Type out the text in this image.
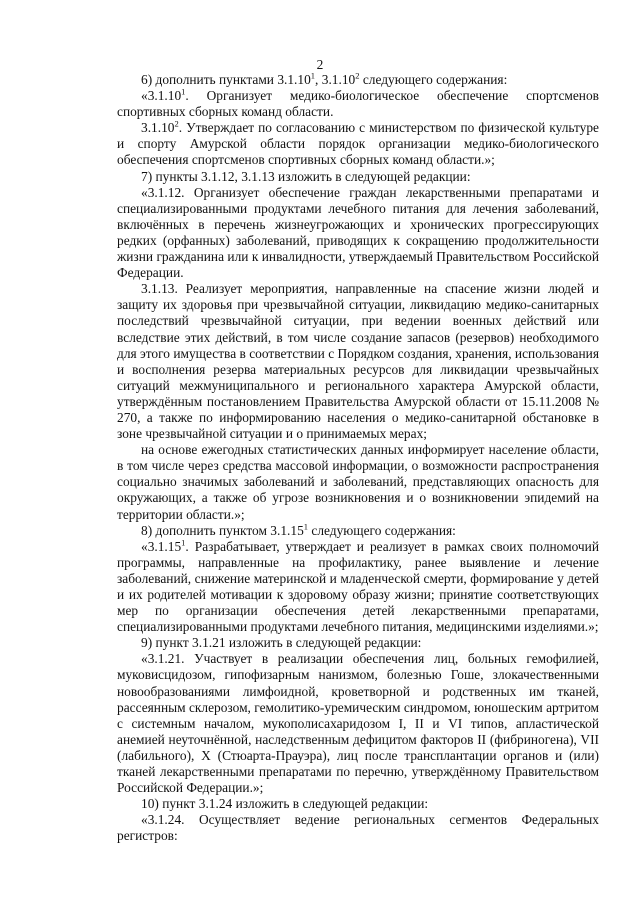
2

6) дополнить пунктами 3.1.10$^1$, 3.1.10$^2$ следующего содержания:

«3.1.10$^1$. Организует медико-биологическое обеспечение спортсменов спортивных сборных команд области.

3.1.10$^2$. Утверждает по согласованию с министерством по физической культуре и спорту Амурской области порядок организации медико-биологического обеспечения спортсменов спортивных сборных команд области.»;

7) пункты 3.1.12, 3.1.13 изложить в следующей редакции:

«3.1.12. Организует обеспечение граждан лекарственными препаратами и специализированными продуктами лечебного питания для лечения заболеваний, включённых в перечень жизнеугрожающих и хронических прогрессирующих редких (орфанных) заболеваний, приводящих к сокращению продолжительности жизни гражданина или к инвалидности, утверждаемый Правительством Российской Федерации.

3.1.13. Реализует мероприятия, направленные на спасение жизни людей и защиту их здоровья при чрезвычайной ситуации, ликвидацию медико-санитарных последствий чрезвычайной ситуации, при ведении военных действий или вследствие этих действий, в том числе создание запасов (резервов) необходимого для этого имущества в соответствии с Порядком создания, хранения, использования и восполнения резерва материальных ресурсов для ликвидации чрезвычайных ситуаций межмуниципального и регионального характера Амурской области, утверждённым постановлением Правительства Амурской области от 15.11.2008 № 270, а также по информированию населения о медико-санитарной обстановке в зоне чрезвычайной ситуации и о принимаемых мерах;

на основе ежегодных статистических данных информирует население области, в том числе через средства массовой информации, о возможности распространения социально значимых заболеваний и заболеваний, представляющих опасность для окружающих, а также об угрозе возникновения и о возникновении эпидемий на территории области.»;

8) дополнить пунктом 3.1.15$^1$ следующего содержания:

«3.1.15$^1$. Разрабатывает, утверждает и реализует в рамках своих полномочий программы, направленные на профилактику, ранее выявление и лечение заболеваний, снижение материнской и младенческой смерти, формирование у детей и их родителей мотивации к здоровому образу жизни; принятие соответствующих мер по организации обеспечения детей лекарственными препаратами, специализированными продуктами лечебного питания, медицинскими изделиями.»;

9) пункт 3.1.21 изложить в следующей редакции:

«3.1.21. Участвует в реализации обеспечения лиц, больных гемофилией, муковисцидозом, гипофизарным нанизмом, болезнью Гоше, злокачественными новообразованиями лимфоидной, кроветворной и родственных им тканей, рассеянным склерозом, гемолитико-уремическим синдромом, юношеским артритом с системным началом, мукополисахаридозом I, II и VI типов, апластической анемией неуточнённой, наследственным дефицитом факторов II (фибриногена), VII (лабильного), X (Стюарта-Прауэра), лиц после трансплантации органов и (или) тканей лекарственными препаратами по перечню, утверждённому Правительством Российской Федерации.»;

10) пункт 3.1.24 изложить в следующей редакции:

«3.1.24. Осуществляет ведение региональных сегментов Федеральных регистров:
